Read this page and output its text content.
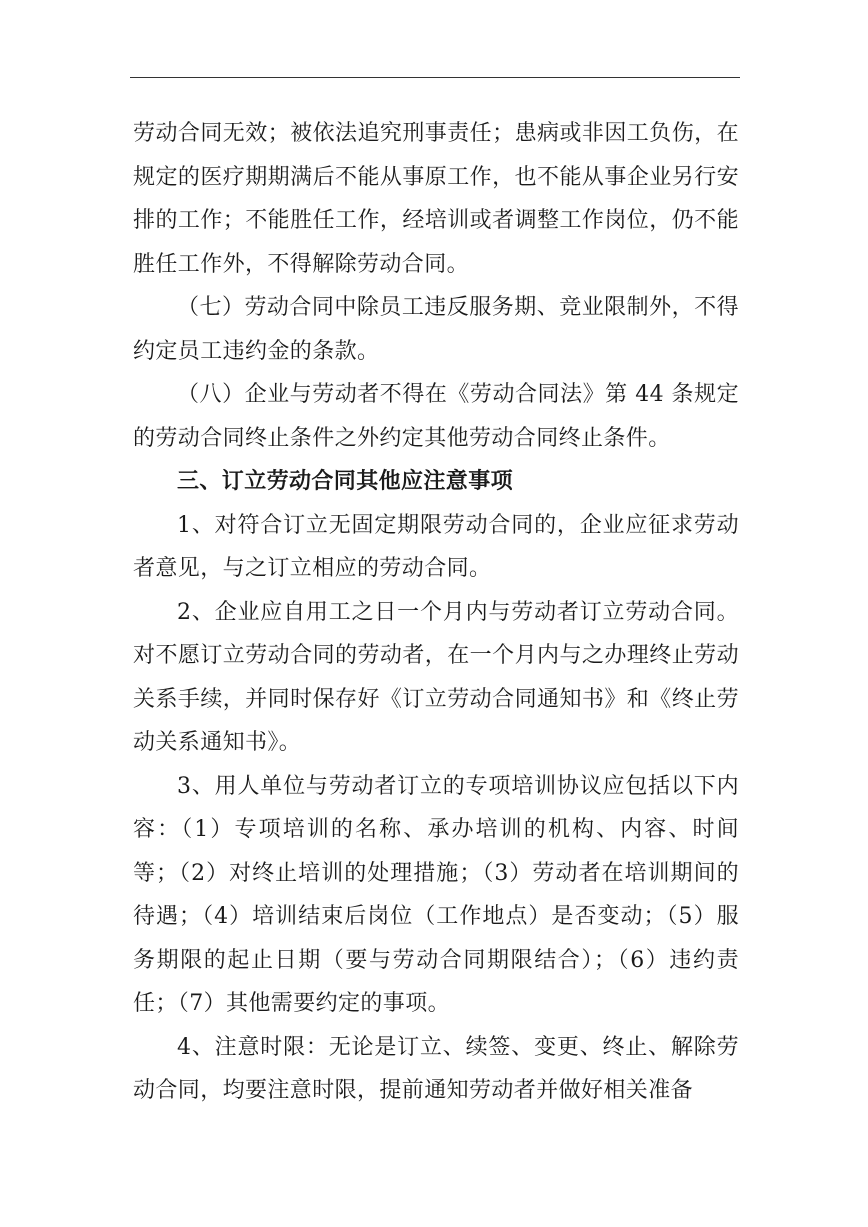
劳动合同无效；被依法追究刑事责任；患病或非因工负伤，在规定的医疗期期满后不能从事原工作，也不能从事企业另行安排的工作；不能胜任工作，经培训或者调整工作岗位，仍不能胜任工作外，不得解除劳动合同。

（七）劳动合同中除员工违反服务期、竞业限制外，不得约定员工违约金的条款。

（八）企业与劳动者不得在《劳动合同法》第 44 条规定的劳动合同终止条件之外约定其他劳动合同终止条件。

三、订立劳动合同其他应注意事项

1、对符合订立无固定期限劳动合同的，企业应征求劳动者意见，与之订立相应的劳动合同。

2、企业应自用工之日一个月内与劳动者订立劳动合同。对不愿订立劳动合同的劳动者，在一个月内与之办理终止劳动关系手续，并同时保存好《订立劳动合同通知书》和《终止劳动关系通知书》。

3、用人单位与劳动者订立的专项培训协议应包括以下内容：（1）专项培训的名称、承办培训的机构、内容、时间等；（2）对终止培训的处理措施；（3）劳动者在培训期间的待遇；（4）培训结束后岗位（工作地点）是否变动；（5）服务期限的起止日期（要与劳动合同期限结合）；（6）违约责任；（7）其他需要约定的事项。

4、注意时限：无论是订立、续签、变更、终止、解除劳动合同，均要注意时限，提前通知劳动者并做好相关准备
